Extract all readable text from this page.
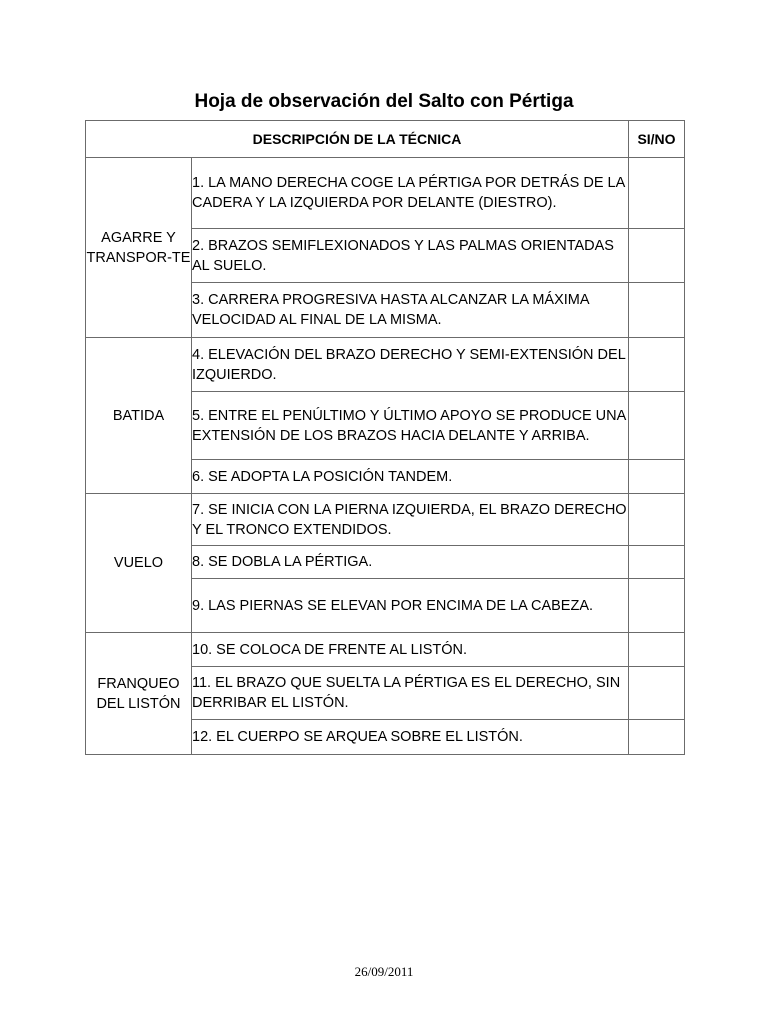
Hoja de observación del Salto con Pértiga
DESCRIPCIÓN DE LA TÉCNICA		SI/NO
AGARRE Y TRANSPOR-TE	1. LA MANO DERECHA COGE LA PÉRTIGA POR DETRÁS DE LA CADERA Y LA IZQUIERDA POR DELANTE (DIESTRO).	
	2. BRAZOS SEMIFLEXIONADOS Y LAS PALMAS ORIENTADAS AL SUELO.	
	3. CARRERA PROGRESIVA HASTA ALCANZAR LA MÁXIMA VELOCIDAD AL FINAL DE LA MISMA.	
BATIDA	4. ELEVACIÓN DEL BRAZO DERECHO Y SEMI-EXTENSIÓN DEL IZQUIERDO.	
	5. ENTRE EL PENÚLTIMO Y ÚLTIMO APOYO SE PRODUCE UNA EXTENSIÓN DE LOS BRAZOS HACIA DELANTE Y ARRIBA.	
	6. SE ADOPTA LA POSICIÓN TANDEM.	
VUELO	7. SE INICIA CON LA PIERNA IZQUIERDA, EL BRAZO DERECHO Y EL TRONCO EXTENDIDOS.	
	8. SE DOBLA LA PÉRTIGA.	
	9. LAS PIERNAS SE ELEVAN POR ENCIMA DE LA CABEZA.	
FRANQUEO DEL LISTÓN	10. SE COLOCA DE FRENTE AL LISTÓN.	
	11. EL BRAZO QUE SUELTA LA PÉRTIGA ES EL DERECHO, SIN DERRIBAR EL LISTÓN.	
	12. EL CUERPO SE ARQUEA SOBRE EL LISTÓN.	
26/09/2011
